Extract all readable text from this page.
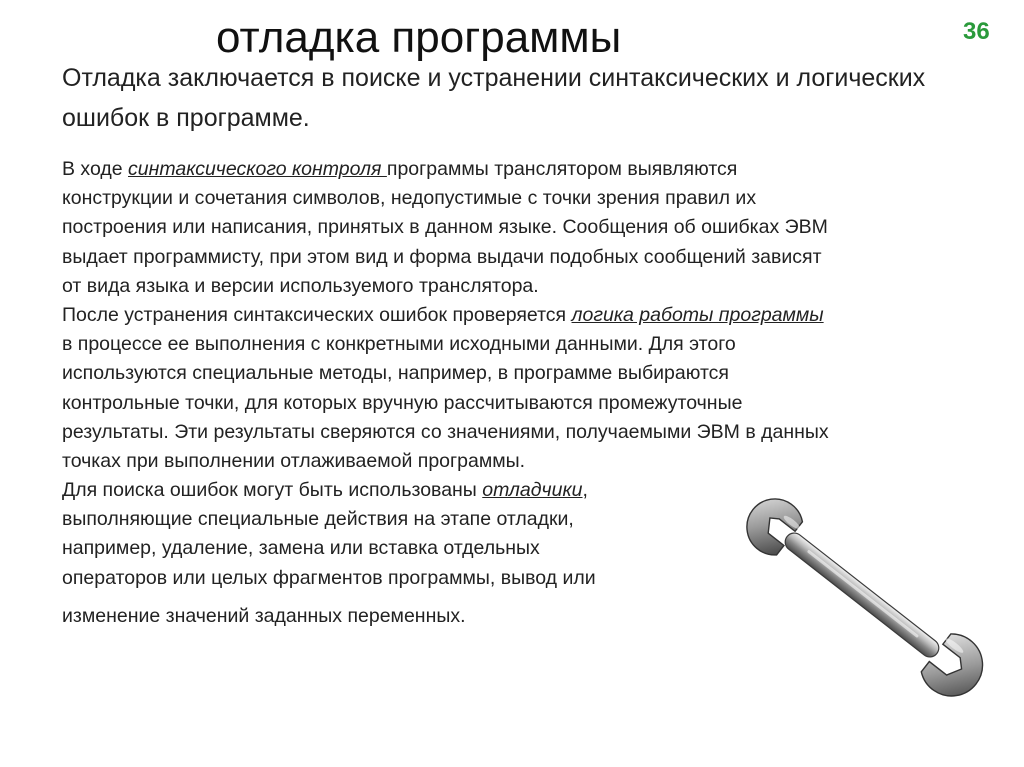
отладка программы	36

Отладка заключается в поиске и устранении синтаксических и логических ошибок в программе.

В ходе синтаксического контроля программы транслятором выявляются
конструкции и сочетания символов, недопустимые с точки зрения правил их
построения или написания, принятых в данном языке. Сообщения об ошибках ЭВМ
выдает программисту, при этом вид и форма выдачи подобных сообщений зависят
от вида языка и версии используемого транслятора.
После устранения синтаксических ошибок проверяется логика работы программы
в процессе ее выполнения с конкретными исходными данными. Для этого
используются специальные методы, например, в программе выбираются
контрольные точки, для которых вручную рассчитываются промежуточные
результаты. Эти результаты сверяются со значениями, получаемыми ЭВМ в данных
точках при выполнении отлаживаемой программы.
Для поиска ошибок могут быть использованы отладчики,
выполняющие специальные действия на этапе отладки,
например, удаление, замена или вставка отдельных
операторов или целых фрагментов программы, вывод или
изменение значений заданных переменных.
